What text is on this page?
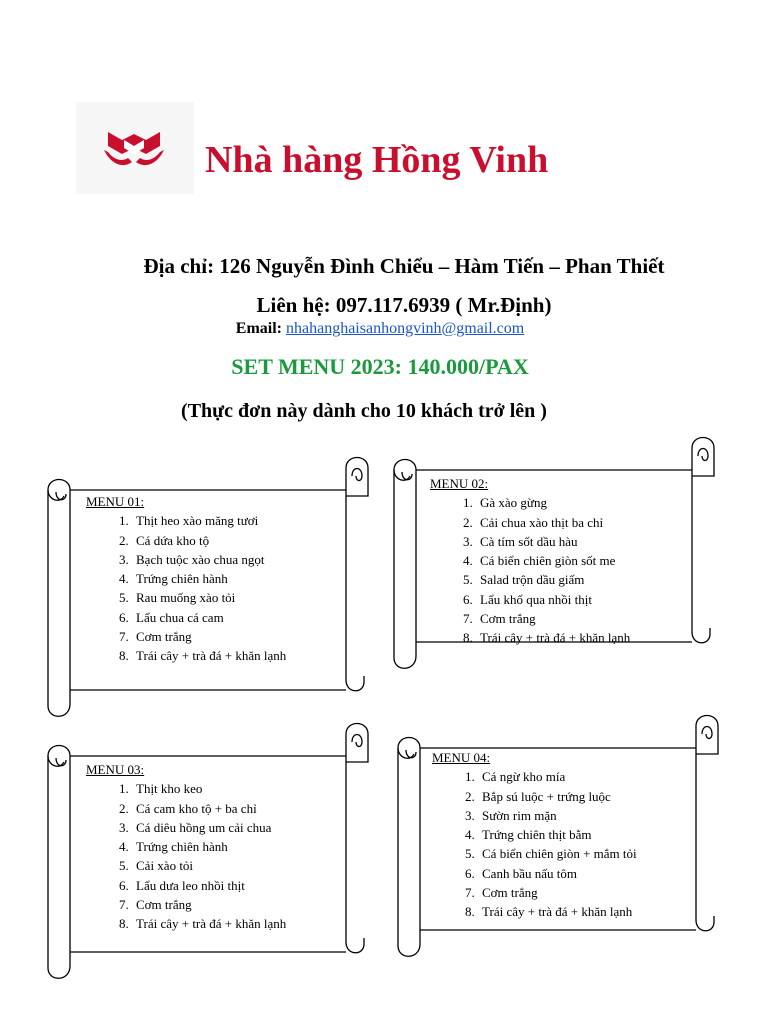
Nhà hàng Hồng Vinh
Địa chỉ: 126 Nguyễn Đình Chiểu – Hàm Tiến – Phan Thiết
Liên hệ: 097.117.6939 ( Mr.Định)
Email: nhahanghaisanhongvinh@gmail.com
SET MENU 2023: 140.000/PAX
(Thực đơn này dành cho 10 khách trở lên )
MENU 01:
1. Thịt heo xào măng tươi
2. Cá dứa kho tộ
3. Bạch tuộc xào chua ngọt
4. Trứng chiên hành
5. Rau muống xào tỏi
6. Lẩu chua cá cam
7. Cơm trắng
8. Trái cây + trà đá + khăn lạnh
MENU 02:
1. Gà xào gừng
2. Cải chua xào thịt ba chỉ
3. Cà tím sốt dầu hàu
4. Cá biển chiên giòn sốt me
5. Salad trộn dầu giấm
6. Lẩu khổ qua nhồi thịt
7. Cơm trắng
8. Trái cây + trà đá + khăn lạnh
MENU 03:
1. Thịt kho keo
2. Cá cam kho tộ + ba chỉ
3. Cá diêu hồng um cải chua
4. Trứng chiên hành
5. Cải xào tỏi
6. Lẩu dưa leo nhồi thịt
7. Cơm trắng
8. Trái cây + trà đá + khăn lạnh
MENU 04:
1. Cá ngừ kho mía
2. Bắp sú luộc + trứng luộc
3. Sườn rim mặn
4. Trứng chiên thịt bằm
5. Cá biển chiên giòn + mắm tỏi
6. Canh bầu nấu tôm
7. Cơm trắng
8. Trái cây + trà đá + khăn lạnh
